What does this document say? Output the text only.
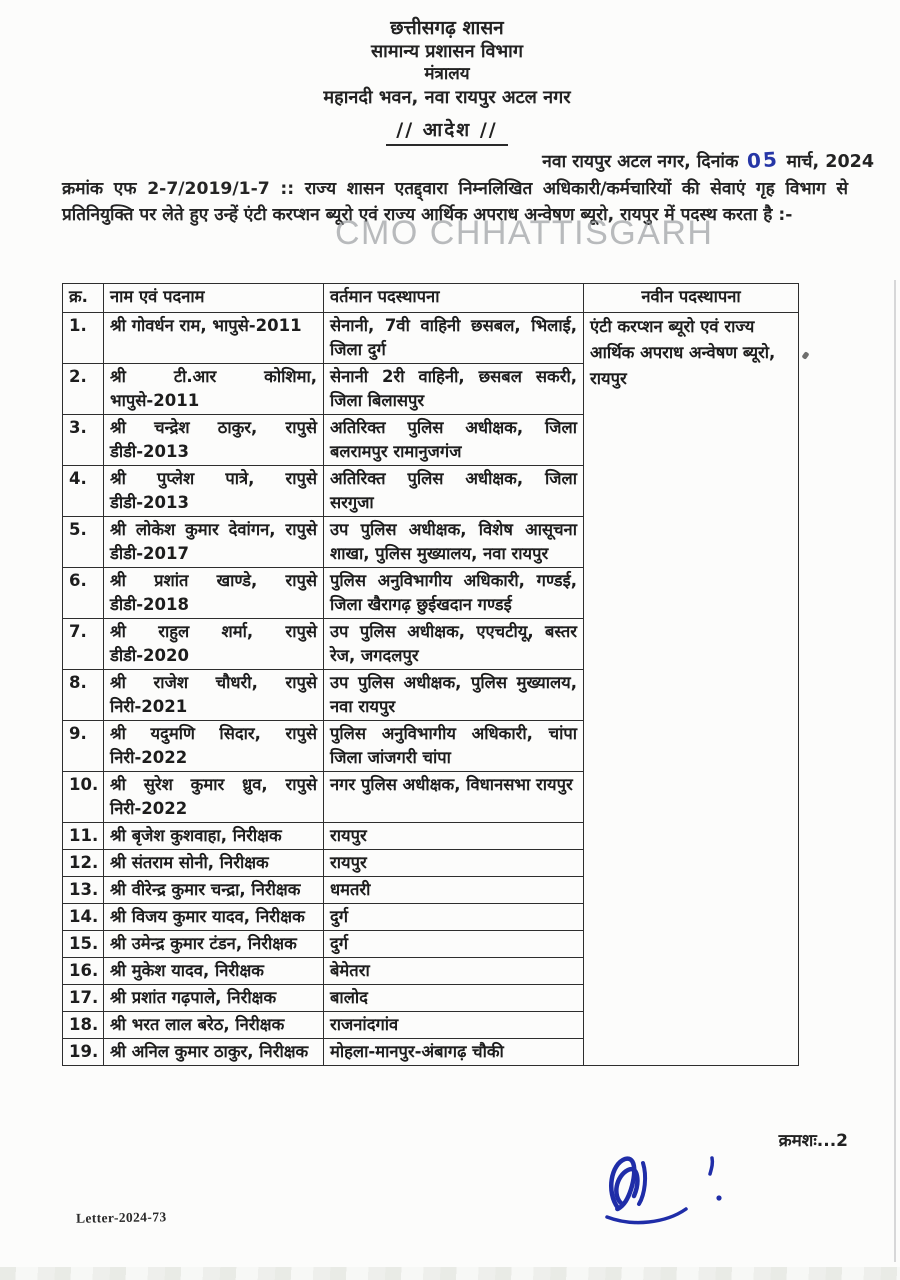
छत्तीसगढ़ शासन
सामान्य प्रशासन विभाग
मंत्रालय
महानदी भवन, नवा रायपुर अटल नगर
// आदेश //
नवा रायपुर अटल नगर, दिनांक 05 मार्च, 2024

क्रमांक एफ 2-7/2019/1-7 :: राज्य शासन एतद्द्वारा निम्नलिखित अधिकारी/कर्मचारियों की सेवाएं गृह विभाग से प्रतिनियुक्ति पर लेते हुए उन्हें एंटी करप्शन ब्यूरो एवं राज्य आर्थिक अपराध अन्वेषण ब्यूरो, रायपुर में पदस्थ करता है :-

CMO CHHATTISGARH
क्र.	नाम एवं पदनाम	वर्तमान पदस्थापना	नवीन पदस्थापना
1.	श्री गोवर्धन राम, भापुसे-2011	सेनानी, 7वी वाहिनी छसबल, भिलाई, जिला दुर्ग	एंटी करप्शन ब्यूरो एवं राज्य आर्थिक अपराध अन्वेषण ब्यूरो, रायपुर
2.	श्री टी.आर कोशिमा, भापुसे-2011	सेनानी 2री वाहिनी, छसबल सकरी, जिला बिलासपुर	
3.	श्री चन्द्रेश ठाकुर, रापुसे डीडी-2013	अतिरिक्त पुलिस अधीक्षक, जिला बलरामपुर रामानुजगंज	
4.	श्री पुप्लेश पात्रे, रापुसे डीडी-2013	अतिरिक्त पुलिस अधीक्षक, जिला सरगुजा	
5.	श्री लोकेश कुमार देवांगन, रापुसे डीडी-2017	उप पुलिस अधीक्षक, विशेष आसूचना शाखा, पुलिस मुख्यालय, नवा रायपुर	
6.	श्री प्रशांत खाण्डे, रापुसे डीडी-2018	पुलिस अनुविभागीय अधिकारी, गण्डई, जिला खैरागढ़ छुईखदान गण्डई	
7.	श्री राहुल शर्मा, रापुसे डीडी-2020	उप पुलिस अधीक्षक, एएचटीयू, बस्तर रेज, जगदलपुर	
8.	श्री राजेश चौधरी, रापुसे निरी-2021	उप पुलिस अधीक्षक, पुलिस मुख्यालय, नवा रायपुर	
9.	श्री यदुमणि सिदार, रापुसे निरी-2022	पुलिस अनुविभागीय अधिकारी, चांपा जिला जांजगरी चांपा	
10.	श्री सुरेश कुमार ध्रुव, रापुसे निरी-2022	नगर पुलिस अधीक्षक, विधानसभा रायपुर	
11.	श्री बृजेश कुशवाहा, निरीक्षक	रायपुर	
12.	श्री संतराम सोनी, निरीक्षक	रायपुर	
13.	श्री वीरेन्द्र कुमार चन्द्रा, निरीक्षक	धमतरी	
14.	श्री विजय कुमार यादव, निरीक्षक	दुर्ग	
15.	श्री उमेन्द्र कुमार टंडन, निरीक्षक	दुर्ग	
16.	श्री मुकेश यादव, निरीक्षक	बेमेतरा	
17.	श्री प्रशांत गढ़पाले, निरीक्षक	बालोद	
18.	श्री भरत लाल बरेठ, निरीक्षक	राजनांदगांव	
19.	श्री अनिल कुमार ठाकुर, निरीक्षक	मोहला-मानपुर-अंबागढ़ चौकी	
क्रमशः...2
Letter-2024-73
